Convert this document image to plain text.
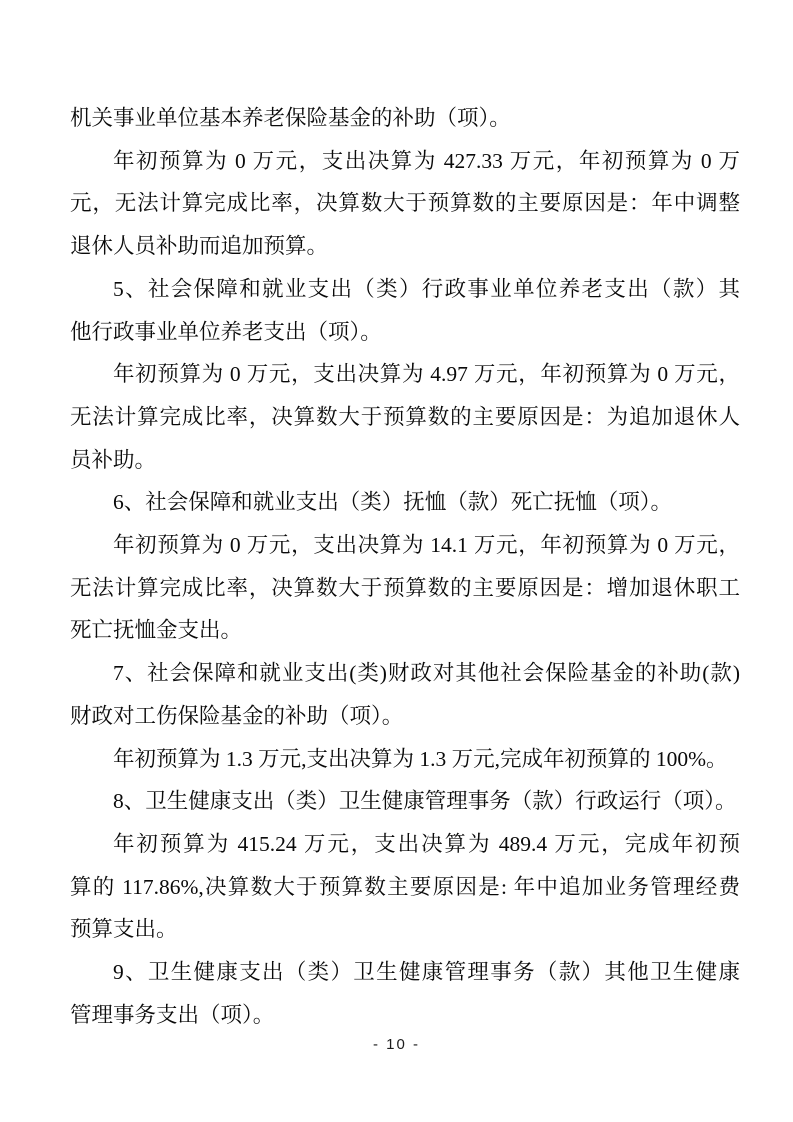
机关事业单位基本养老保险基金的补助（项）。
年初预算为 0 万元，支出决算为 427.33 万元，年初预算为 0 万
元，无法计算完成比率，决算数大于预算数的主要原因是：年中调整
退休人员补助而追加预算。
5、社会保障和就业支出（类）行政事业单位养老支出（款）其
他行政事业单位养老支出（项）。
年初预算为 0 万元，支出决算为 4.97 万元，年初预算为 0 万元，
无法计算完成比率，决算数大于预算数的主要原因是：为追加退休人
员补助。
6、社会保障和就业支出（类）抚恤（款）死亡抚恤（项）。
年初预算为 0 万元，支出决算为 14.1 万元，年初预算为 0 万元，
无法计算完成比率，决算数大于预算数的主要原因是：增加退休职工
死亡抚恤金支出。
7、社会保障和就业支出(类)财政对其他社会保险基金的补助(款)
财政对工伤保险基金的补助（项）。
年初预算为 1.3 万元,支出决算为 1.3 万元,完成年初预算的 100%。
8、卫生健康支出（类）卫生健康管理事务（款）行政运行（项）。
年初预算为 415.24 万元，支出决算为 489.4 万元，完成年初预
算的 117.86%,决算数大于预算数主要原因是: 年中追加业务管理经费
预算支出。
9、卫生健康支出（类）卫生健康管理事务（款）其他卫生健康
管理事务支出（项）。
- 10 -
